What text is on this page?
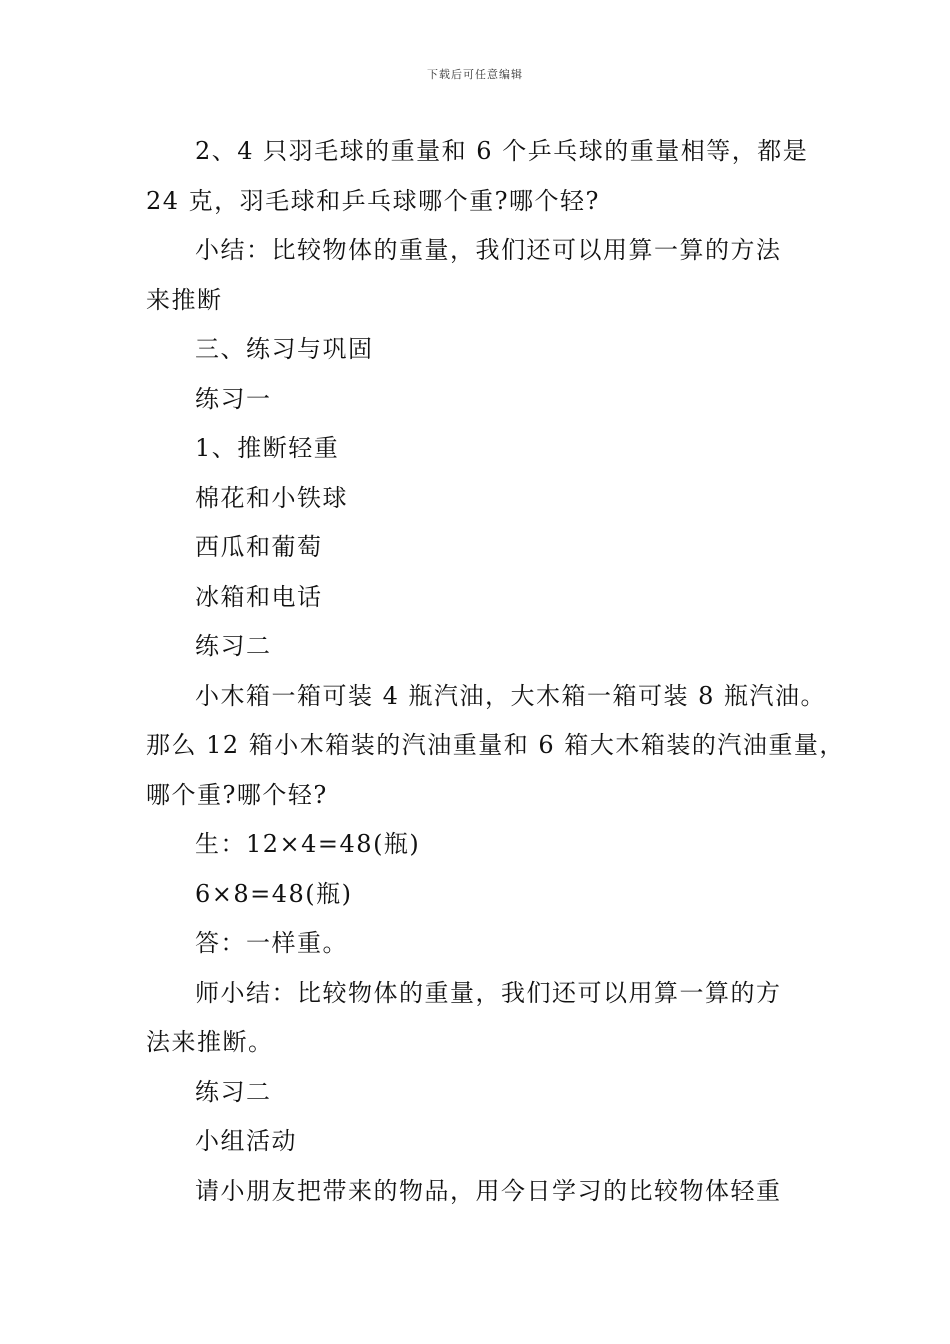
下载后可任意编辑
2、4 只羽毛球的重量和 6 个乒乓球的重量相等，都是
24 克，羽毛球和乒乓球哪个重?哪个轻?
小结：比较物体的重量，我们还可以用算一算的方法
来推断
三、练习与巩固
练习一
1、推断轻重
棉花和小铁球
西瓜和葡萄
冰箱和电话
练习二
小木箱一箱可装 4 瓶汽油，大木箱一箱可装 8 瓶汽油。
那么 12 箱小木箱装的汽油重量和 6 箱大木箱装的汽油重量，
哪个重?哪个轻?
生：12×4=48(瓶)
6×8=48(瓶)
答：一样重。
师小结：比较物体的重量，我们还可以用算一算的方
法来推断。
练习二
小组活动
请小朋友把带来的物品，用今日学习的比较物体轻重
